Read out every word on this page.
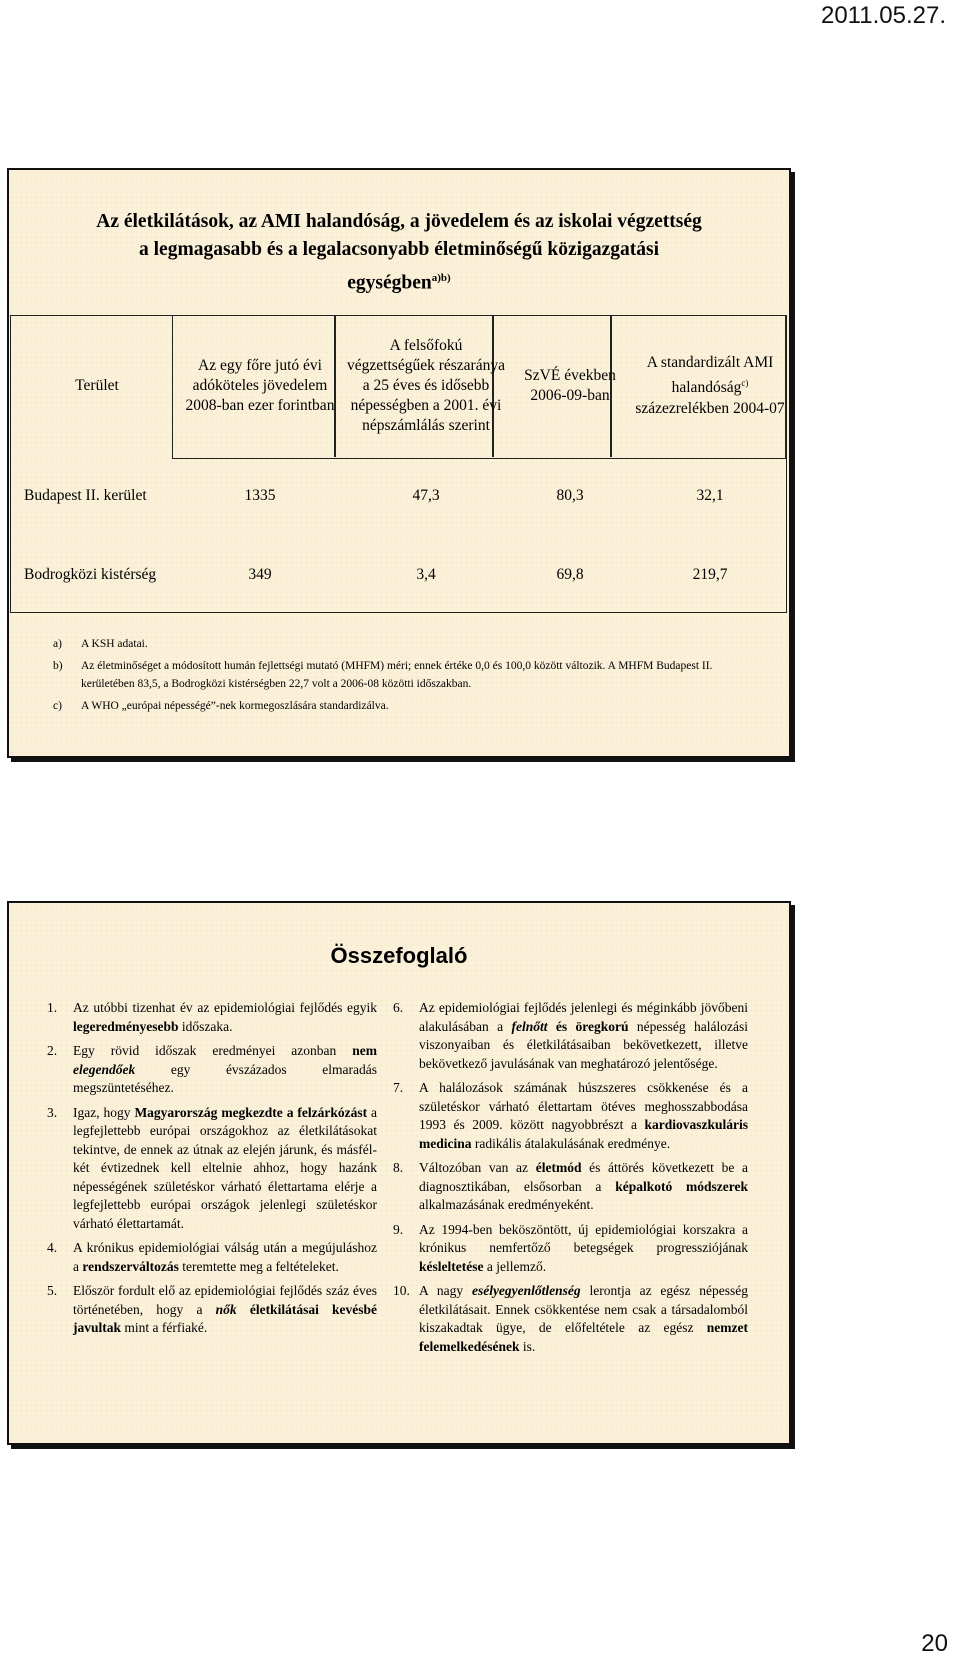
2011.05.27.
Az életkilátások, az AMI halandóság, a jövedelem és az iskolai végzettség
a legmagasabb és a legalacsonyabb életminőségű közigazgatási
egységben$^{a)b)}$
Terület	Az egy főre jutó évi adóköteles jövedelem 2008-ban ezer forintban	A felsőfokú végzettségűek részaránya a 25 éves és idősebb népességben a 2001. évi népszámlálás szerint	SzVÉ években 2006-09-ban	A standardizált AMI halandóság$^{c)}$
százezrelékben 2004-07
Budapest II. kerület	1335	47,3	80,3	32,1
Bodrogközi kistérség	349	3,4	69,8	219,7
a)	A KSH adatai.
b)	Az életminőséget a módosított humán fejlettségi mutató (MHFM) méri; ennek értéke 0,0 és 100,0 között változik. A MHFM Budapest II. kerületében 83,5, a Bodrogközi kistérségben 22,7 volt a 2006-08 közötti időszakban.
c)	A WHO „európai népességé”-nek kormegoszlására standardizálva.
Összefoglaló
1.	Az utóbbi tizenhat év az epidemiológiai fejlődés egyik legeredményesebb időszaka.
2.	Egy rövid időszak eredményei azonban nem elegendőek egy évszázados elmaradás megszüntetéséhez.
3.	Igaz, hogy Magyarország megkezdte a felzárkózást a legfejlettebb európai országokhoz az életkilátásokat tekintve, de ennek az útnak az elején járunk, és másfél-két évtizednek kell eltelnie ahhoz, hogy hazánk népességének születéskor várható élettartama elérje a legfejlettebb európai országok jelenlegi születéskor várható élettartamát.
4.	A krónikus epidemiológiai válság után a megújuláshoz a rendszerváltozás teremtette meg a feltételeket.
5.	Először fordult elő az epidemiológiai fejlődés száz éves történetében, hogy a nők életkilátásai kevésbé javultak mint a férfiaké.
6.	Az epidemiológiai fejlődés jelenlegi és méginkább jövőbeni alakulásában a felnőtt és öregkorú népesség halálozási viszonyaiban és életkilátásaiban bekövetkezett, illetve bekövetkező javulásának van meghatározó jelentősége.
7.	A halálozások számának húszszeres csökkenése és a születéskor várható élettartam ötéves meghosszabbodása 1993 és 2009. között nagyobbrészt a kardiovaszkuláris medicina radikális átalakulásának eredménye.
8.	Változóban van az életmód és áttörés következett be a diagnosztikában, elsősorban a képalkotó módszerek alkalmazásának eredményeként.
9.	Az 1994-ben beköszöntött, új epidemiológiai korszakra a krónikus nemfertőző betegségek progressziójának késleltetése a jellemző.
10. A nagy esélyegyenlőtlenség lerontja az egész népesség életkilátásait. Ennek csökkentése nem csak a társadalomból kiszakadtak ügye, de előfeltétele az egész nemzet felemelkedésének is.
20
